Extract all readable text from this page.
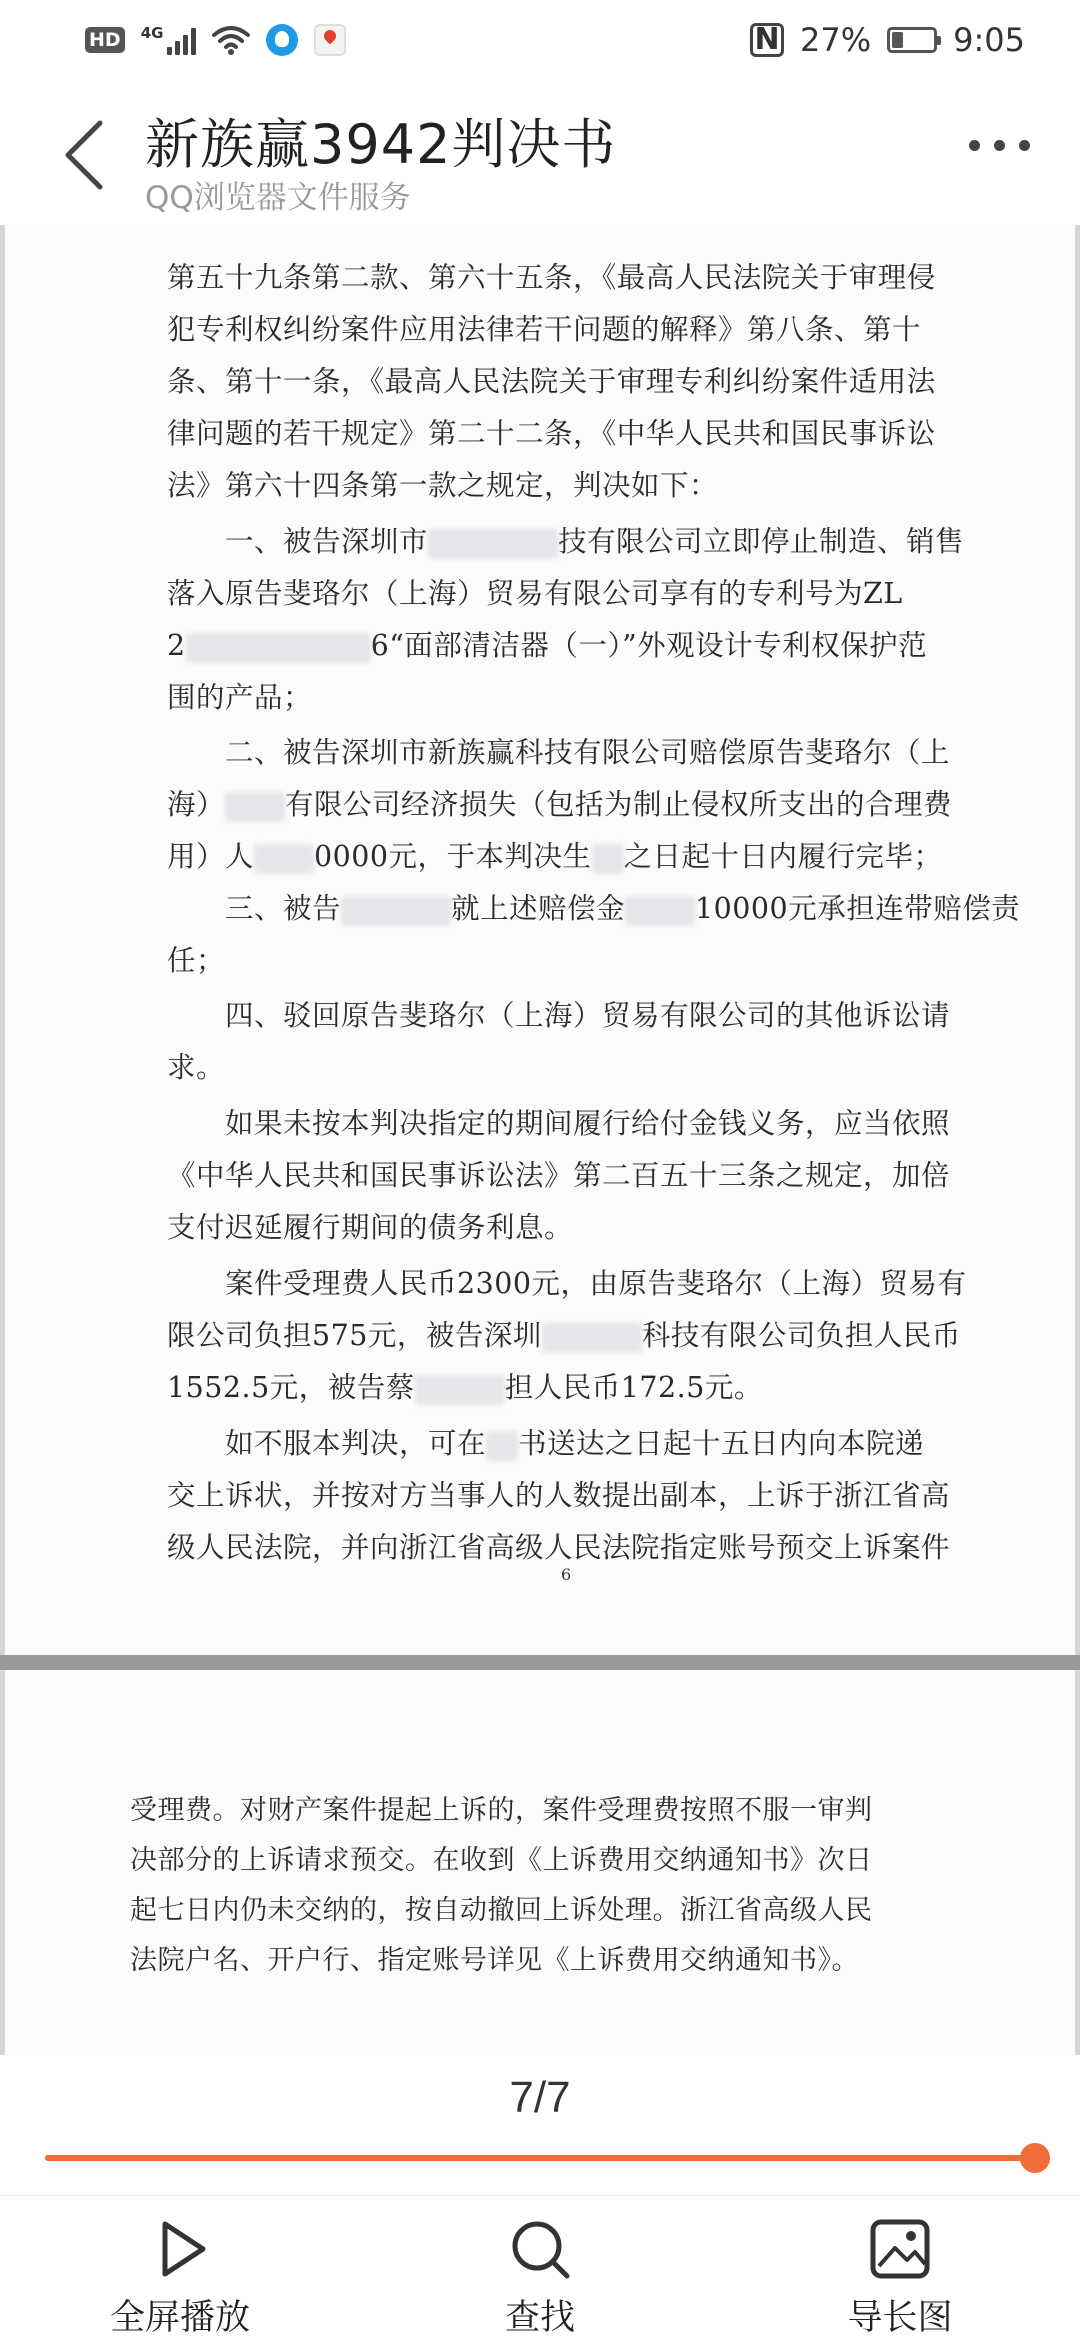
HD 4G	N 27%	9:05
新族赢3942判决书
QQ浏览器文件服务
第五十九条第二款、第六十五条，《最高人民法院关于审理侵
犯专利权纠纷案件应用法律若干问题的解释》第八条、第十
条、第十一条，《最高人民法院关于审理专利纠纷案件适用法
律问题的若干规定》第二十二条，《中华人民共和国民事诉讼
法》第六十四条第一款之规定，判决如下：
　　一、被告深圳市	技有限公司立即停止制造、销售
落入原告斐珞尔（上海）贸易有限公司享有的专利号为ZL
2	6“面部清洁器（一）”外观设计专利权保护范
围的产品；
　　二、被告深圳市新族赢科技有限公司赔偿原告斐珞尔（上
海） 有限公司经济损失（包括为制止侵权所支出的合理费
用）人 0000元，于本判决生 之日起十日内履行完毕；
　　三、被告	就上述赔偿金 10000元承担连带赔偿责
任；
　　四、驳回原告斐珞尔（上海）贸易有限公司的其他诉讼请
求。
　　如果未按本判决指定的期间履行给付金钱义务，应当依照
《中华人民共和国民事诉讼法》第二百五十三条之规定，加倍
支付迟延履行期间的债务利息。
　　案件受理费人民币2300元，由原告斐珞尔（上海）贸易有
限公司负担575元，被告深圳	科技有限公司负担人民币
1552.5元，被告蔡	担人民币172.5元。
　　如不服本判决，可在 书送达之日起十五日内向本院递
交上诉状，并按对方当事人的人数提出副本，上诉于浙江省高
级人民法院，并向浙江省高级人民法院指定账号预交上诉案件
6
受理费。对财产案件提起上诉的，案件受理费按照不服一审判
决部分的上诉请求预交。在收到《上诉费用交纳通知书》次日
起七日内仍未交纳的，按自动撤回上诉处理。浙江省高级人民
法院户名、开户行、指定账号详见《上诉费用交纳通知书》。
7/7
全屏播放	查找	导长图
